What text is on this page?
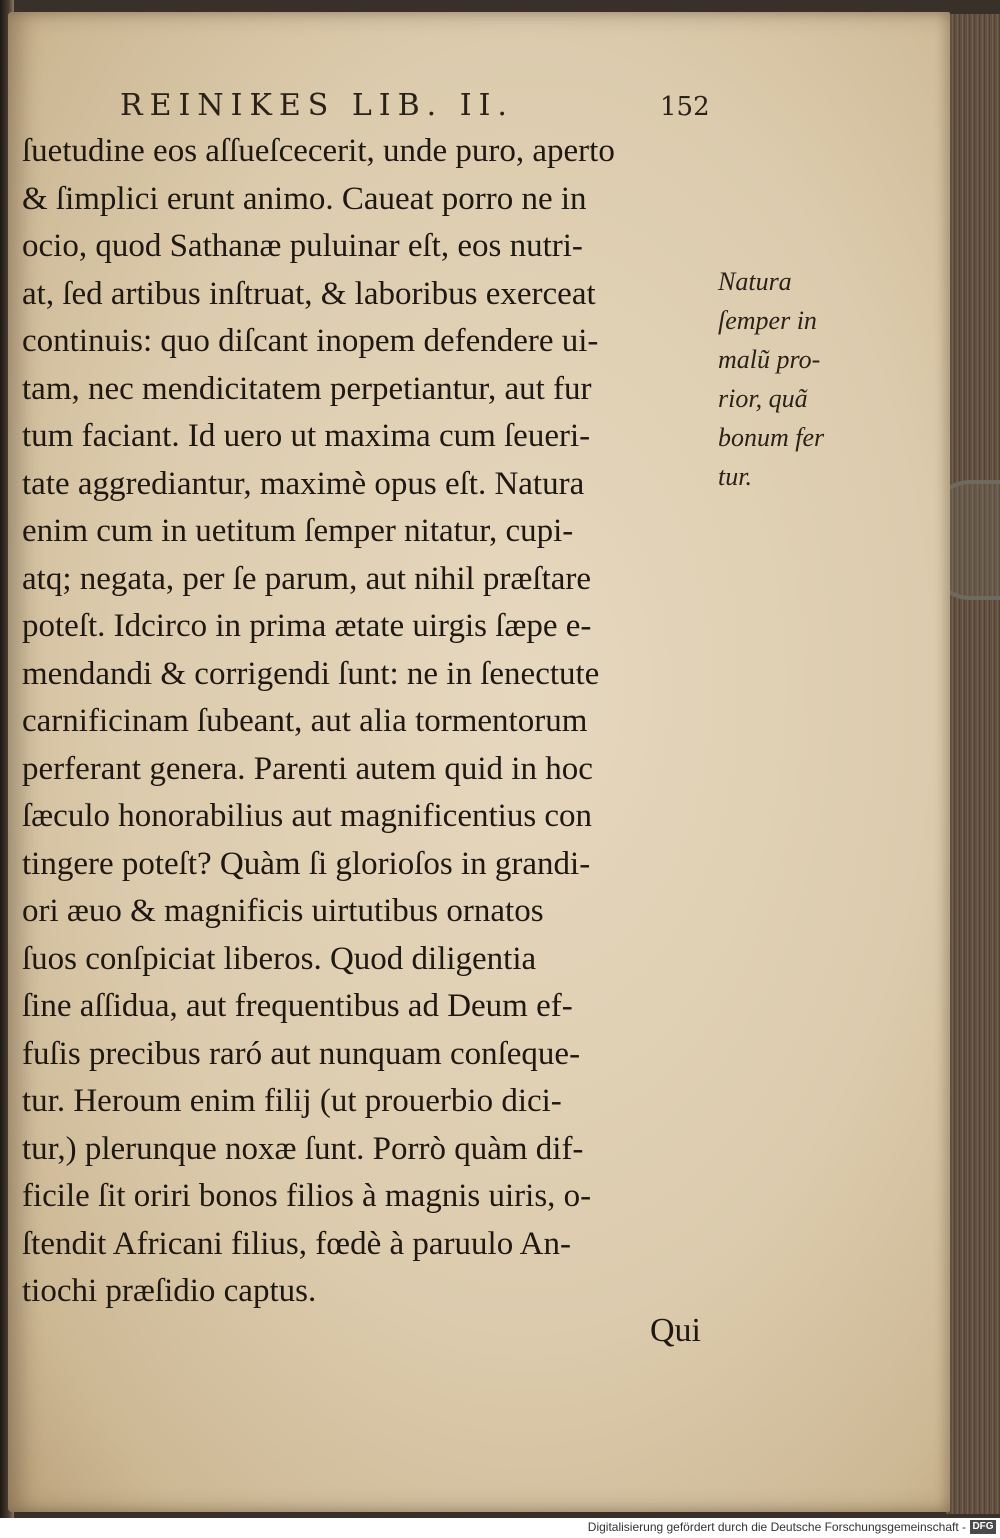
REINIKES LIB. II.	152
ſuetudine eos aſſueſcecerit, unde puro, aperto
& ſimplici erunt animo. Caueat porro ne in
ocio, quod Sathanæ puluinar eſt, eos nutri-
at, ſed artibus inſtruat, & laboribus exerceat
continuis: quo diſcant inopem defendere ui-
tam, nec mendicitatem perpetiantur, aut fur
tum faciant. Id uero ut maxima cum ſeueri-
tate aggrediantur, maximè opus eſt. Natura
enim cum in uetitum ſemper nitatur, cupi-
atq; negata, per ſe parum, aut nihil præſtare
poteſt. Idcirco in prima ætate uirgis ſæpe e-
mendandi & corrigendi ſunt: ne in ſenectute
carnificinam ſubeant, aut alia tormentorum
perferant genera. Parenti autem quid in hoc
ſæculo honorabilius aut magnificentius con
tingere poteſt? Quàm ſi glorioſos in grandi-
ori æuo & magnificis uirtutibus ornatos
ſuos conſpiciat liberos. Quod diligentia
ſine aſſidua, aut frequentibus ad Deum ef-
fuſis precibus raró aut nunquam conſeque-
tur. Heroum enim filij (ut prouerbio dici-
tur,) plerunque noxæ ſunt. Porrò quàm dif-
ficile ſit oriri bonos filios à magnis uiris, o-
ſtendit Africani filius, fœdè à paruulo An-
tiochi præſidio captus.
Natura
ſemper in
malũ pro-
rior, quã
bonum fer
tur.
Qui
Digitalisierung gefördert durch die Deutsche Forschungsgemeinschaft - DFG
